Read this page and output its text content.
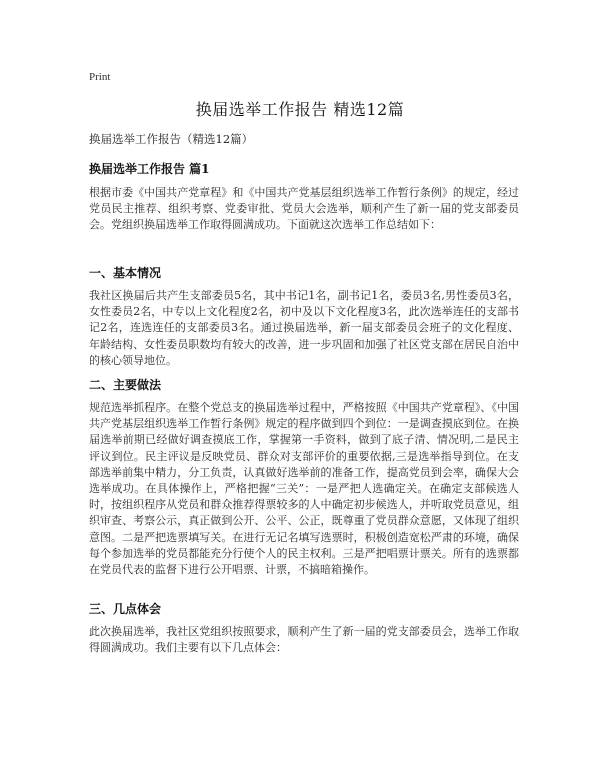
Print
换届选举工作报告 精选12篇
换届选举工作报告（精选12篇）
换届选举工作报告 篇1

根据市委《中国共产党章程》和《中国共产党基层组织选举工作暂行条例》的规定，经过党员民主推荐、组织考察、党委审批、党员大会选举，顺利产生了新一届的党支部委员会。党组织换届选举工作取得圆满成功。下面就这次选举工作总结如下：

一、基本情况

我社区换届后共产生支部委员5名，其中书记1名，副书记1名，委员3名,男性委员3名，女性委员2名，中专以上文化程度2名，初中及以下文化程度3名，此次选举连任的支部书记2名，连选连任的支部委员3名。通过换届选举，新一届支部委员会班子的文化程度、年龄结构、女性委员职数均有较大的改善，进一步巩固和加强了社区党支部在居民自治中的核心领导地位。

二、主要做法

规范选举抓程序。在整个党总支的换届选举过程中，严格按照《中国共产党章程》、《中国共产党基层组织选举工作暂行条例》规定的程序做到四个到位：一是调查摸底到位。在换届选举前期已经做好调查摸底工作，掌握第一手资料，做到了底子清、情况明,二是民主评议到位。民主评议是反映党员、群众对支部评价的重要依据,三是选举指导到位。在支部选举前集中精力，分工负责，认真做好选举前的准备工作，提高党员到会率，确保大会选举成功。在具体操作上，严格把握“三关”：一是严把人选确定关。在确定支部候选人时，按组织程序从党员和群众推荐得票较多的人中确定初步候选人，并听取党员意见，组织审查、考察公示，真正做到公开、公平、公正，既尊重了党员群众意愿，又体现了组织意图。二是严把选票填写关。在进行无记名填写选票时，积极创造宽松严肃的环境，确保每个参加选举的党员都能充分行使个人的民主权利。三是严把唱票计票关。所有的选票都在党员代表的监督下进行公开唱票、计票，不搞暗箱操作。

三、几点体会

此次换届选举，我社区党组织按照要求，顺利产生了新一届的党支部委员会，选举工作取得圆满成功。我们主要有以下几点体会：
